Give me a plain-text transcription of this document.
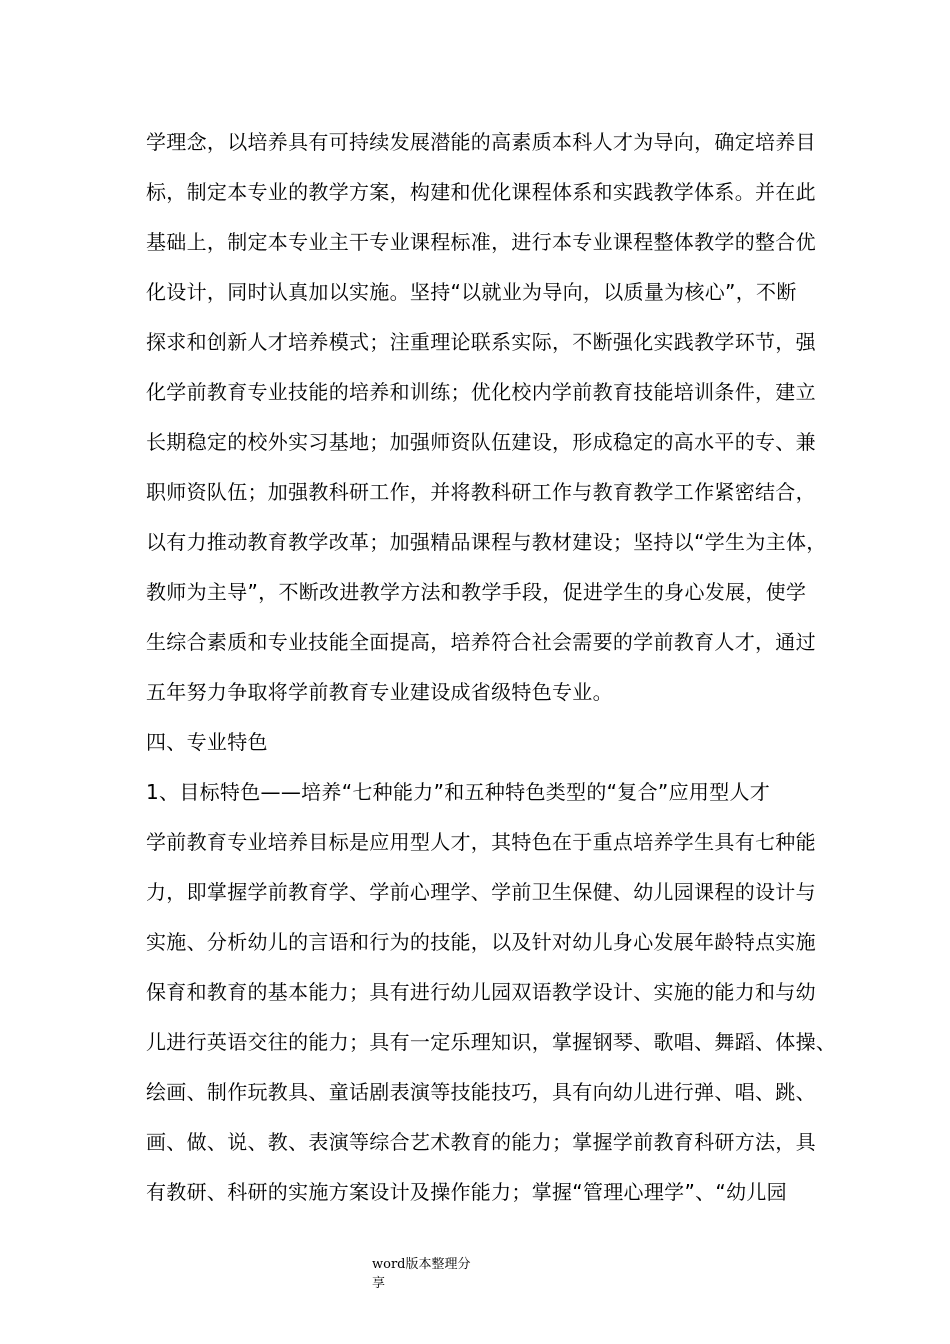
学理念，以培养具有可持续发展潜能的高素质本科人才为导向，确定培养目
标，制定本专业的教学方案，构建和优化课程体系和实践教学体系。并在此
基础上，制定本专业主干专业课程标准，进行本专业课程整体教学的整合优
化设计，同时认真加以实施。坚持“以就业为导向，以质量为核心”，不断
探求和创新人才培养模式；注重理论联系实际，不断强化实践教学环节，强
化学前教育专业技能的培养和训练；优化校内学前教育技能培训条件，建立
长期稳定的校外实习基地；加强师资队伍建设，形成稳定的高水平的专、兼
职师资队伍；加强教科研工作，并将教科研工作与教育教学工作紧密结合，
以有力推动教育教学改革；加强精品课程与教材建设；坚持以“学生为主体，
教师为主导”，不断改进教学方法和教学手段，促进学生的身心发展，使学
生综合素质和专业技能全面提高，培养符合社会需要的学前教育人才，通过
五年努力争取将学前教育专业建设成省级特色专业。
四、专业特色
1、目标特色——培养“七种能力”和五种特色类型的“复合”应用型人才
学前教育专业培养目标是应用型人才，其特色在于重点培养学生具有七种能
力，即掌握学前教育学、学前心理学、学前卫生保健、幼儿园课程的设计与
实施、分析幼儿的言语和行为的技能，以及针对幼儿身心发展年龄特点实施
保育和教育的基本能力；具有进行幼儿园双语教学设计、实施的能力和与幼
儿进行英语交往的能力；具有一定乐理知识，掌握钢琴、歌唱、舞蹈、体操、
绘画、制作玩教具、童话剧表演等技能技巧，具有向幼儿进行弹、唱、跳、
画、做、说、教、表演等综合艺术教育的能力；掌握学前教育科研方法，具
有教研、科研的实施方案设计及操作能力；掌握“管理心理学”、“幼儿园
word版本整理分享
